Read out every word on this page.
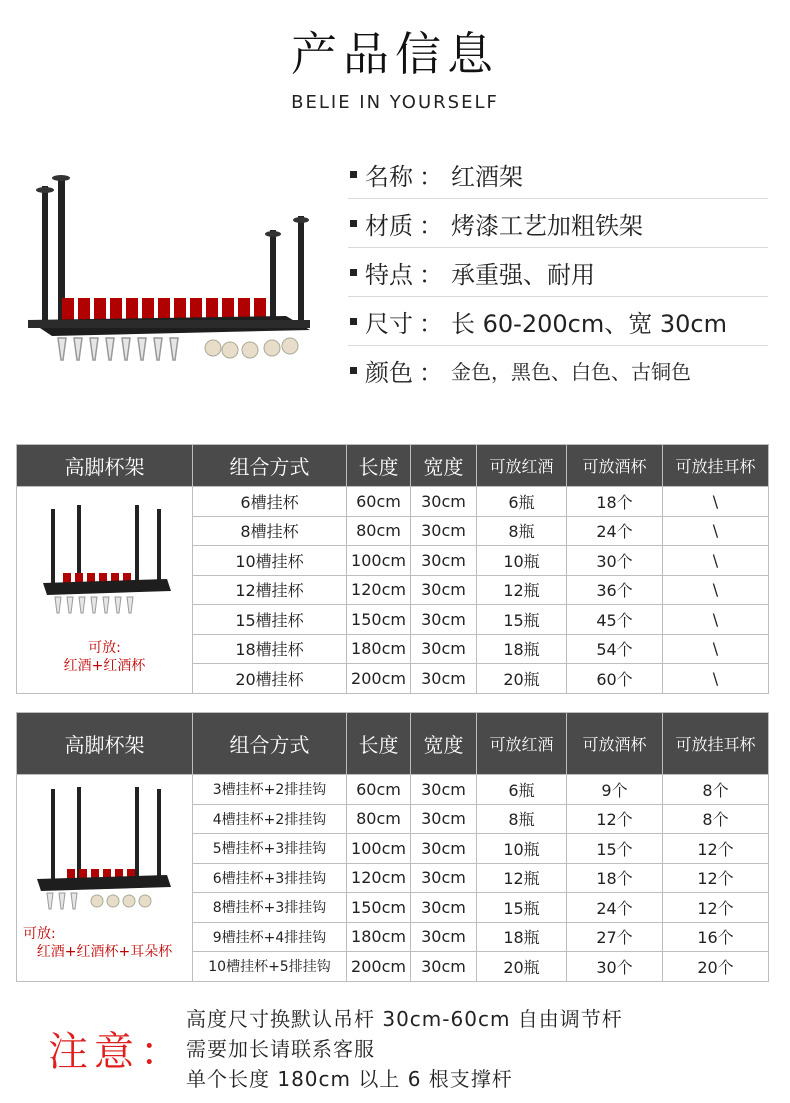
产品信息
BELIE IN YOURSELF
名称 ： 红酒架
材质 ： 烤漆工艺加粗铁架
特点 ： 承重强、耐用
尺寸 ： 长 60-200cm、宽 30cm
颜色 ： 金色，黑色、白色、古铜色
高脚杯架	组合方式	长度	宽度	可放红酒	可放酒杯	可放挂耳杯

可放:
红酒+红酒杯	6槽挂杯	60cm	30cm	6瓶	18个	\
	8槽挂杯	80cm	30cm	8瓶	24个	\
	10槽挂杯	100cm	30cm	10瓶	30个	\
	12槽挂杯	120cm	30cm	12瓶	36个	\
	15槽挂杯	150cm	30cm	15瓶	45个	\
	18槽挂杯	180cm	30cm	18瓶	54个	\
	20槽挂杯	200cm	30cm	20瓶	60个	\
高脚杯架	组合方式	长度	宽度	可放红酒	可放酒杯	可放挂耳杯

可放:
红酒+红酒杯+耳朵杯	3槽挂杯+2排挂钩	60cm	30cm	6瓶	9个	8个
	4槽挂杯+2排挂钩	80cm	30cm	8瓶	12个	8个
	5槽挂杯+3排挂钩	100cm	30cm	10瓶	15个	12个
	6槽挂杯+3排挂钩	120cm	30cm	12瓶	18个	12个
	8槽挂杯+3排挂钩	150cm	30cm	15瓶	24个	12个
	9槽挂杯+4排挂钩	180cm	30cm	18瓶	27个	16个
	10槽挂杯+5排挂钩	200cm	30cm	20瓶	30个	20个
注意：
高度尺寸换默认吊杆 30cm-60cm 自由调节杆
需要加长请联系客服
单个长度 180cm 以上 6 根支撑杆
